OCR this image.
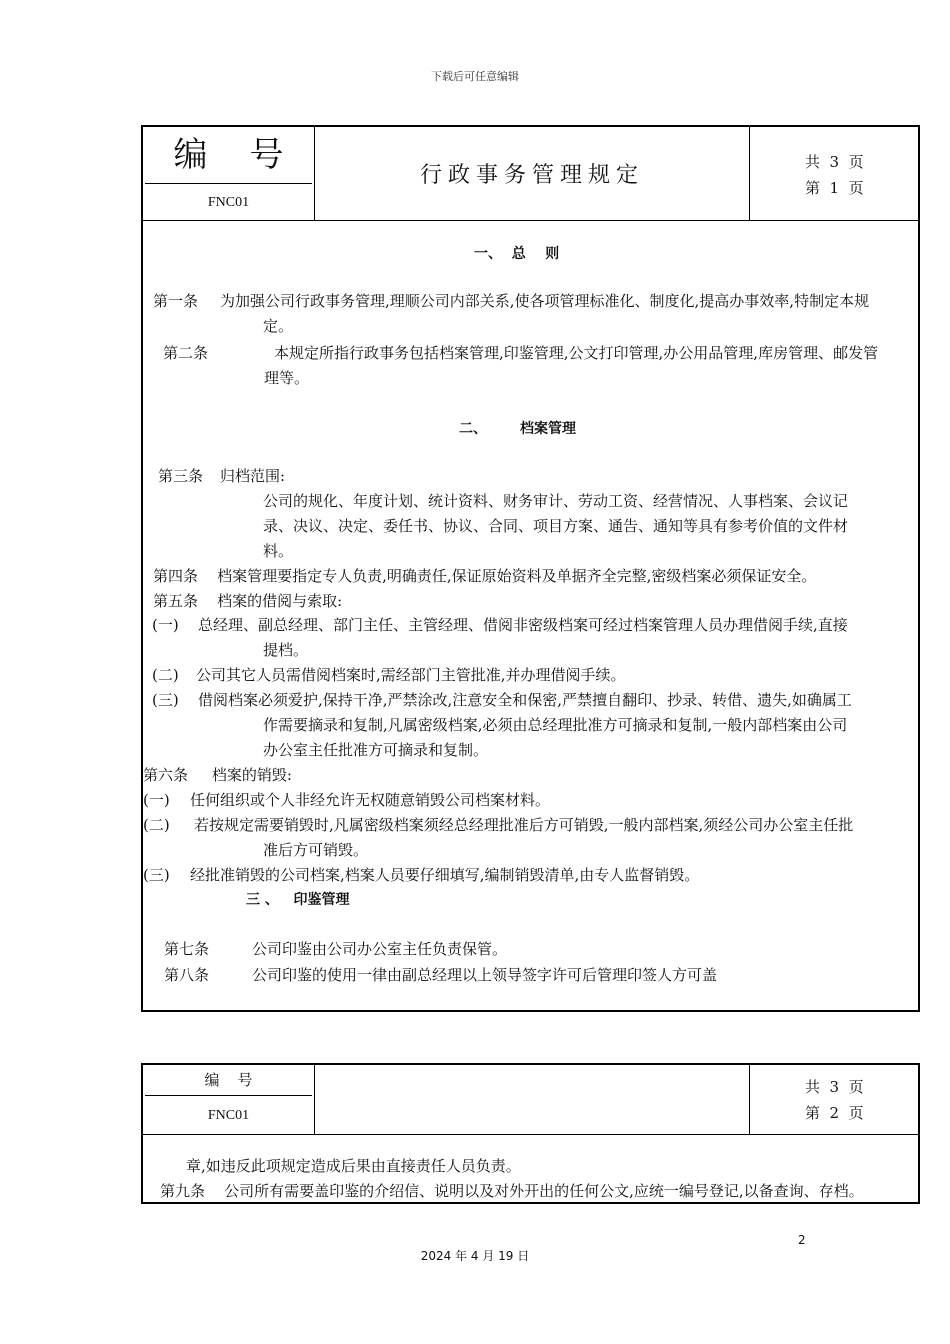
下载后可任意编辑
编 号
FNC01
行政事务管理规定
共  3  页
第  1  页
一、  总    则
第一条 为加强公司行政事务管理,理顺公司内部关系,使各项管理标准化、制度化,提高办事效率,特制定本规
定。
第二条	本规定所指行政事务包括档案管理,印鉴管理,公文打印管理,办公用品管理,库房管理、邮发管
理等。
二、 档案管理
第三条 归档范围:
公司的规化、年度计划、统计资料、财务审计、劳动工资、经营情况、人事档案、会议记
录、决议、决定、委任书、协议、合同、项目方案、通告、通知等具有参考价值的文件材
料。
第四条    档案管理要指定专人负责,明确责任,保证原始资料及单据齐全完整,密级档案必须保证安全。
第五条    档案的借阅与索取:
(一) 总经理、副总经理、部门主任、主管经理、借阅非密级档案可经过档案管理人员办理借阅手续,直接
提档。
(二) 公司其它人员需借阅档案时,需经部门主管批准,并办理借阅手续。
(三) 借阅档案必须爱护,保持干净,严禁涂改,注意安全和保密,严禁擅自翻印、抄录、转借、遗失,如确属工
作需要摘录和复制,凡属密级档案,必须由总经理批准方可摘录和复制,一般内部档案由公司
办公室主任批准方可摘录和复制。
第六条     档案的销毁:
(一) 任何组织或个人非经允许无权随意销毁公司档案材料。
(二) 若按规定需要销毁时,凡属密级档案须经总经理批准后方可销毁,一般内部档案,须经公司办公室主任批
准后方可销毁。
(三) 经批准销毁的公司档案,档案人员要仔细填写,编制销毁清单,由专人监督销毁。
三 、   印鉴管理
第七条	公司印鉴由公司办公室主任负责保管。
第八条	公司印鉴的使用一律由副总经理以上领导签字许可后管理印签人方可盖
编 号
FNC01
共  3  页
第  2  页
章,如违反此项规定造成后果由直接责任人员负责。
第九条    公司所有需要盖印鉴的介绍信、说明以及对外开出的任何公文,应统一编号登记,以备查询、存档。
2
2024 年 4 月 19 日
